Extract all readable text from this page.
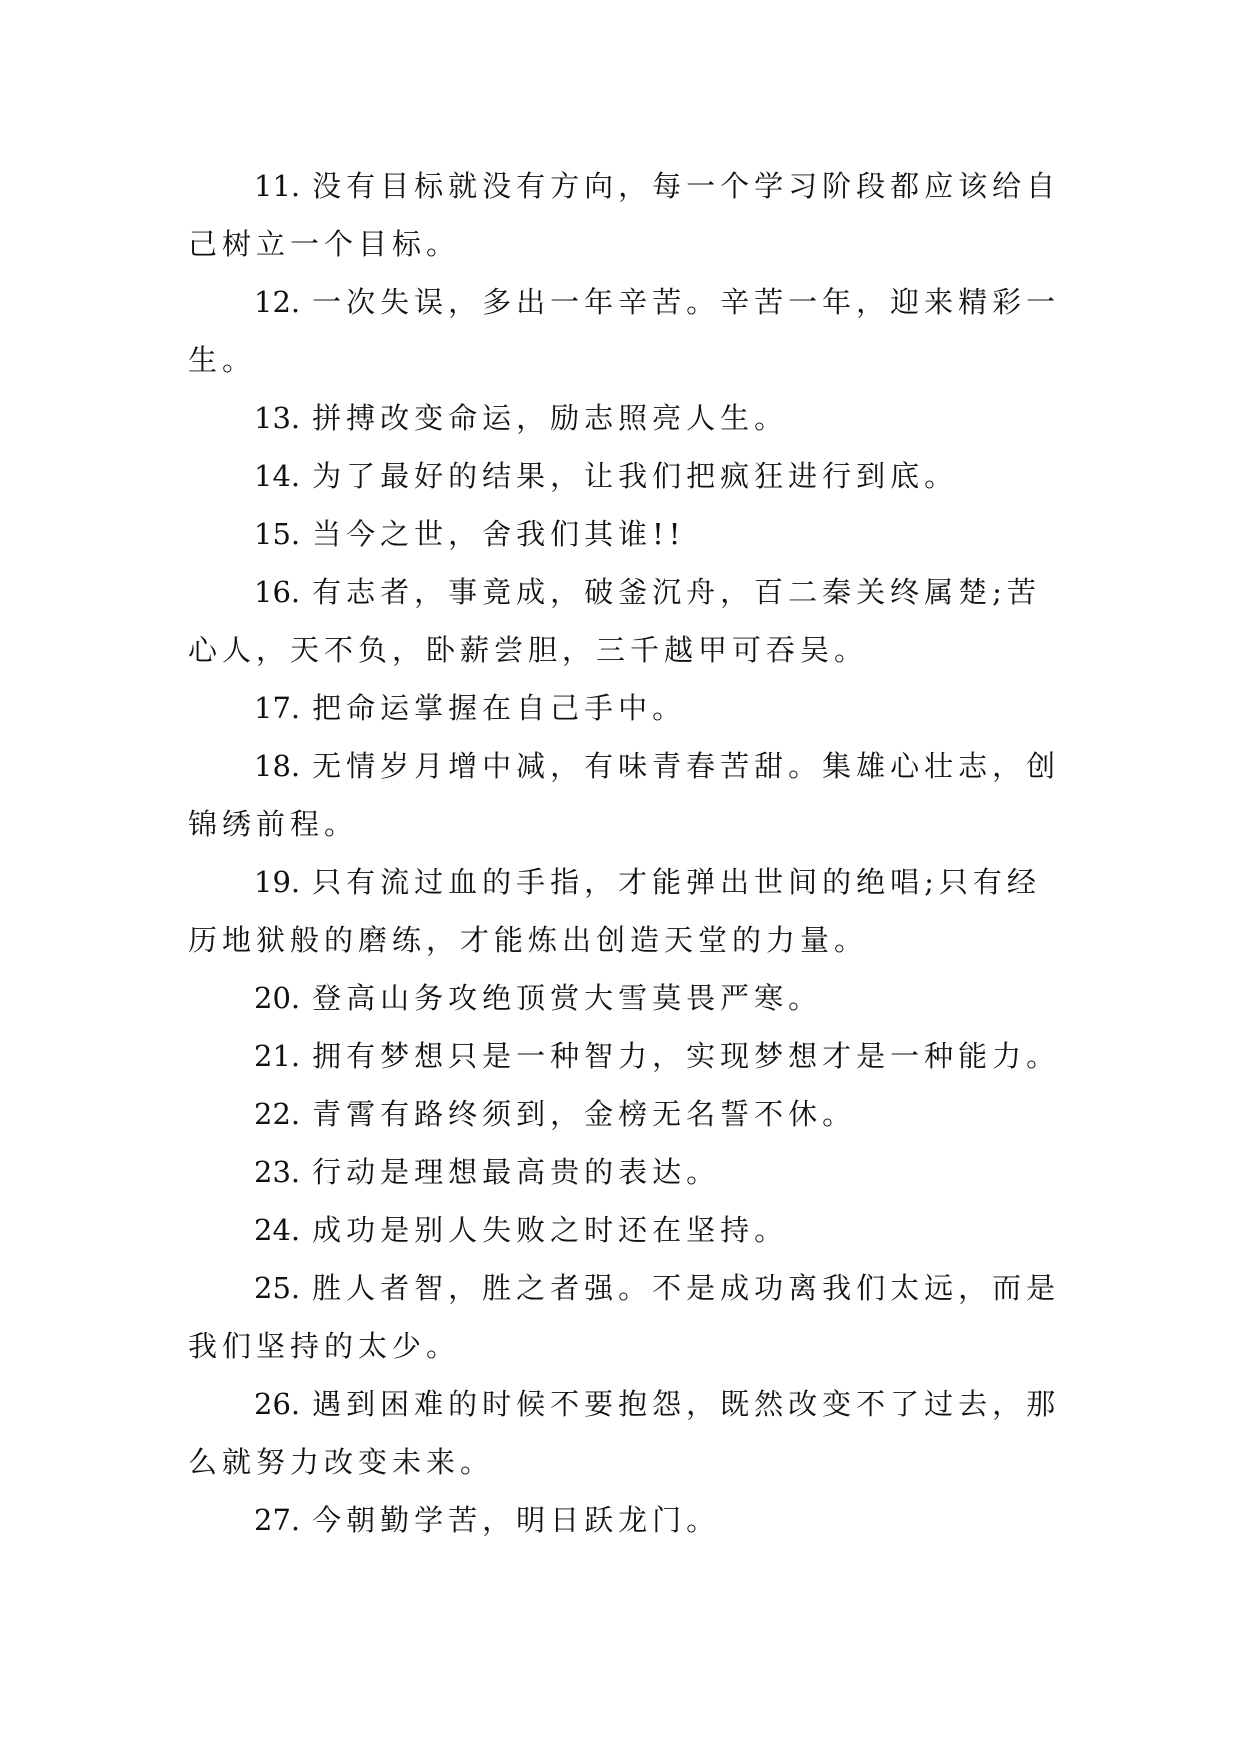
11. 没有目标就没有方向，每一个学习阶段都应该给自己树立一个目标。

12. 一次失误，多出一年辛苦。辛苦一年，迎来精彩一生。

13. 拼搏改变命运，励志照亮人生。

14. 为了最好的结果，让我们把疯狂进行到底。

15. 当今之世，舍我们其谁!!

16. 有志者，事竟成，破釜沉舟，百二秦关终属楚;苦心人，天不负，卧薪尝胆，三千越甲可吞吴。

17. 把命运掌握在自己手中。

18. 无情岁月增中减，有味青春苦甜。集雄心壮志，创锦绣前程。

19. 只有流过血的手指，才能弹出世间的绝唱;只有经历地狱般的磨练，才能炼出创造天堂的力量。

20. 登高山务攻绝顶赏大雪莫畏严寒。

21. 拥有梦想只是一种智力，实现梦想才是一种能力。

22. 青霄有路终须到，金榜无名誓不休。

23. 行动是理想最高贵的表达。

24. 成功是别人失败之时还在坚持。

25. 胜人者智，胜之者强。不是成功离我们太远，而是我们坚持的太少。

26. 遇到困难的时候不要抱怨，既然改变不了过去，那么就努力改变未来。

27. 今朝勤学苦，明日跃龙门。
